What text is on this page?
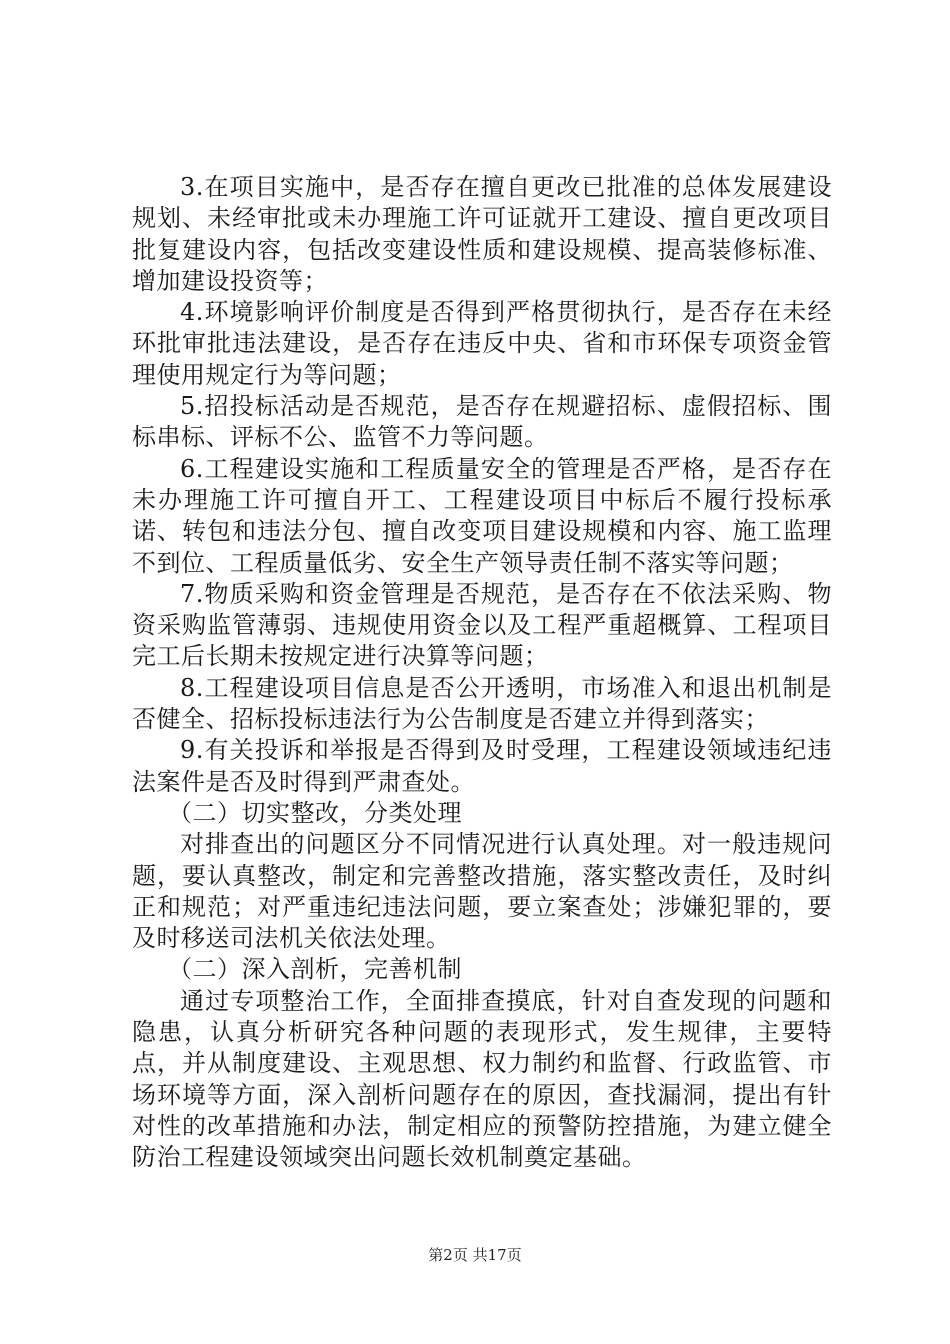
3.在项目实施中，是否存在擅自更改已批准的总体发展建设规划、未经审批或未办理施工许可证就开工建设、擅自更改项目批复建设内容，包括改变建设性质和建设规模、提高装修标准、增加建设投资等；

4.环境影响评价制度是否得到严格贯彻执行，是否存在未经环批审批违法建设，是否存在违反中央、省和市环保专项资金管理使用规定行为等问题；

5.招投标活动是否规范，是否存在规避招标、虚假招标、围标串标、评标不公、监管不力等问题。

6.工程建设实施和工程质量安全的管理是否严格，是否存在未办理施工许可擅自开工、工程建设项目中标后不履行投标承诺、转包和违法分包、擅自改变项目建设规模和内容、施工监理不到位、工程质量低劣、安全生产领导责任制不落实等问题；

7.物质采购和资金管理是否规范，是否存在不依法采购、物资采购监管薄弱、违规使用资金以及工程严重超概算、工程项目完工后长期未按规定进行决算等问题；

8.工程建设项目信息是否公开透明，市场准入和退出机制是否健全、招标投标违法行为公告制度是否建立并得到落实；

9.有关投诉和举报是否得到及时受理，工程建设领域违纪违法案件是否及时得到严肃查处。

（二）切实整改，分类处理

对排查出的问题区分不同情况进行认真处理。对一般违规问题，要认真整改，制定和完善整改措施，落实整改责任，及时纠正和规范；对严重违纪违法问题，要立案查处；涉嫌犯罪的，要及时移送司法机关依法处理。

（二）深入剖析，完善机制

通过专项整治工作，全面排查摸底，针对自查发现的问题和隐患，认真分析研究各种问题的表现形式，发生规律，主要特点，并从制度建设、主观思想、权力制约和监督、行政监管、市场环境等方面，深入剖析问题存在的原因，查找漏洞，提出有针对性的改革措施和办法，制定相应的预警防控措施，为建立健全防治工程建设领域突出问题长效机制奠定基础。

第2页 共17页
